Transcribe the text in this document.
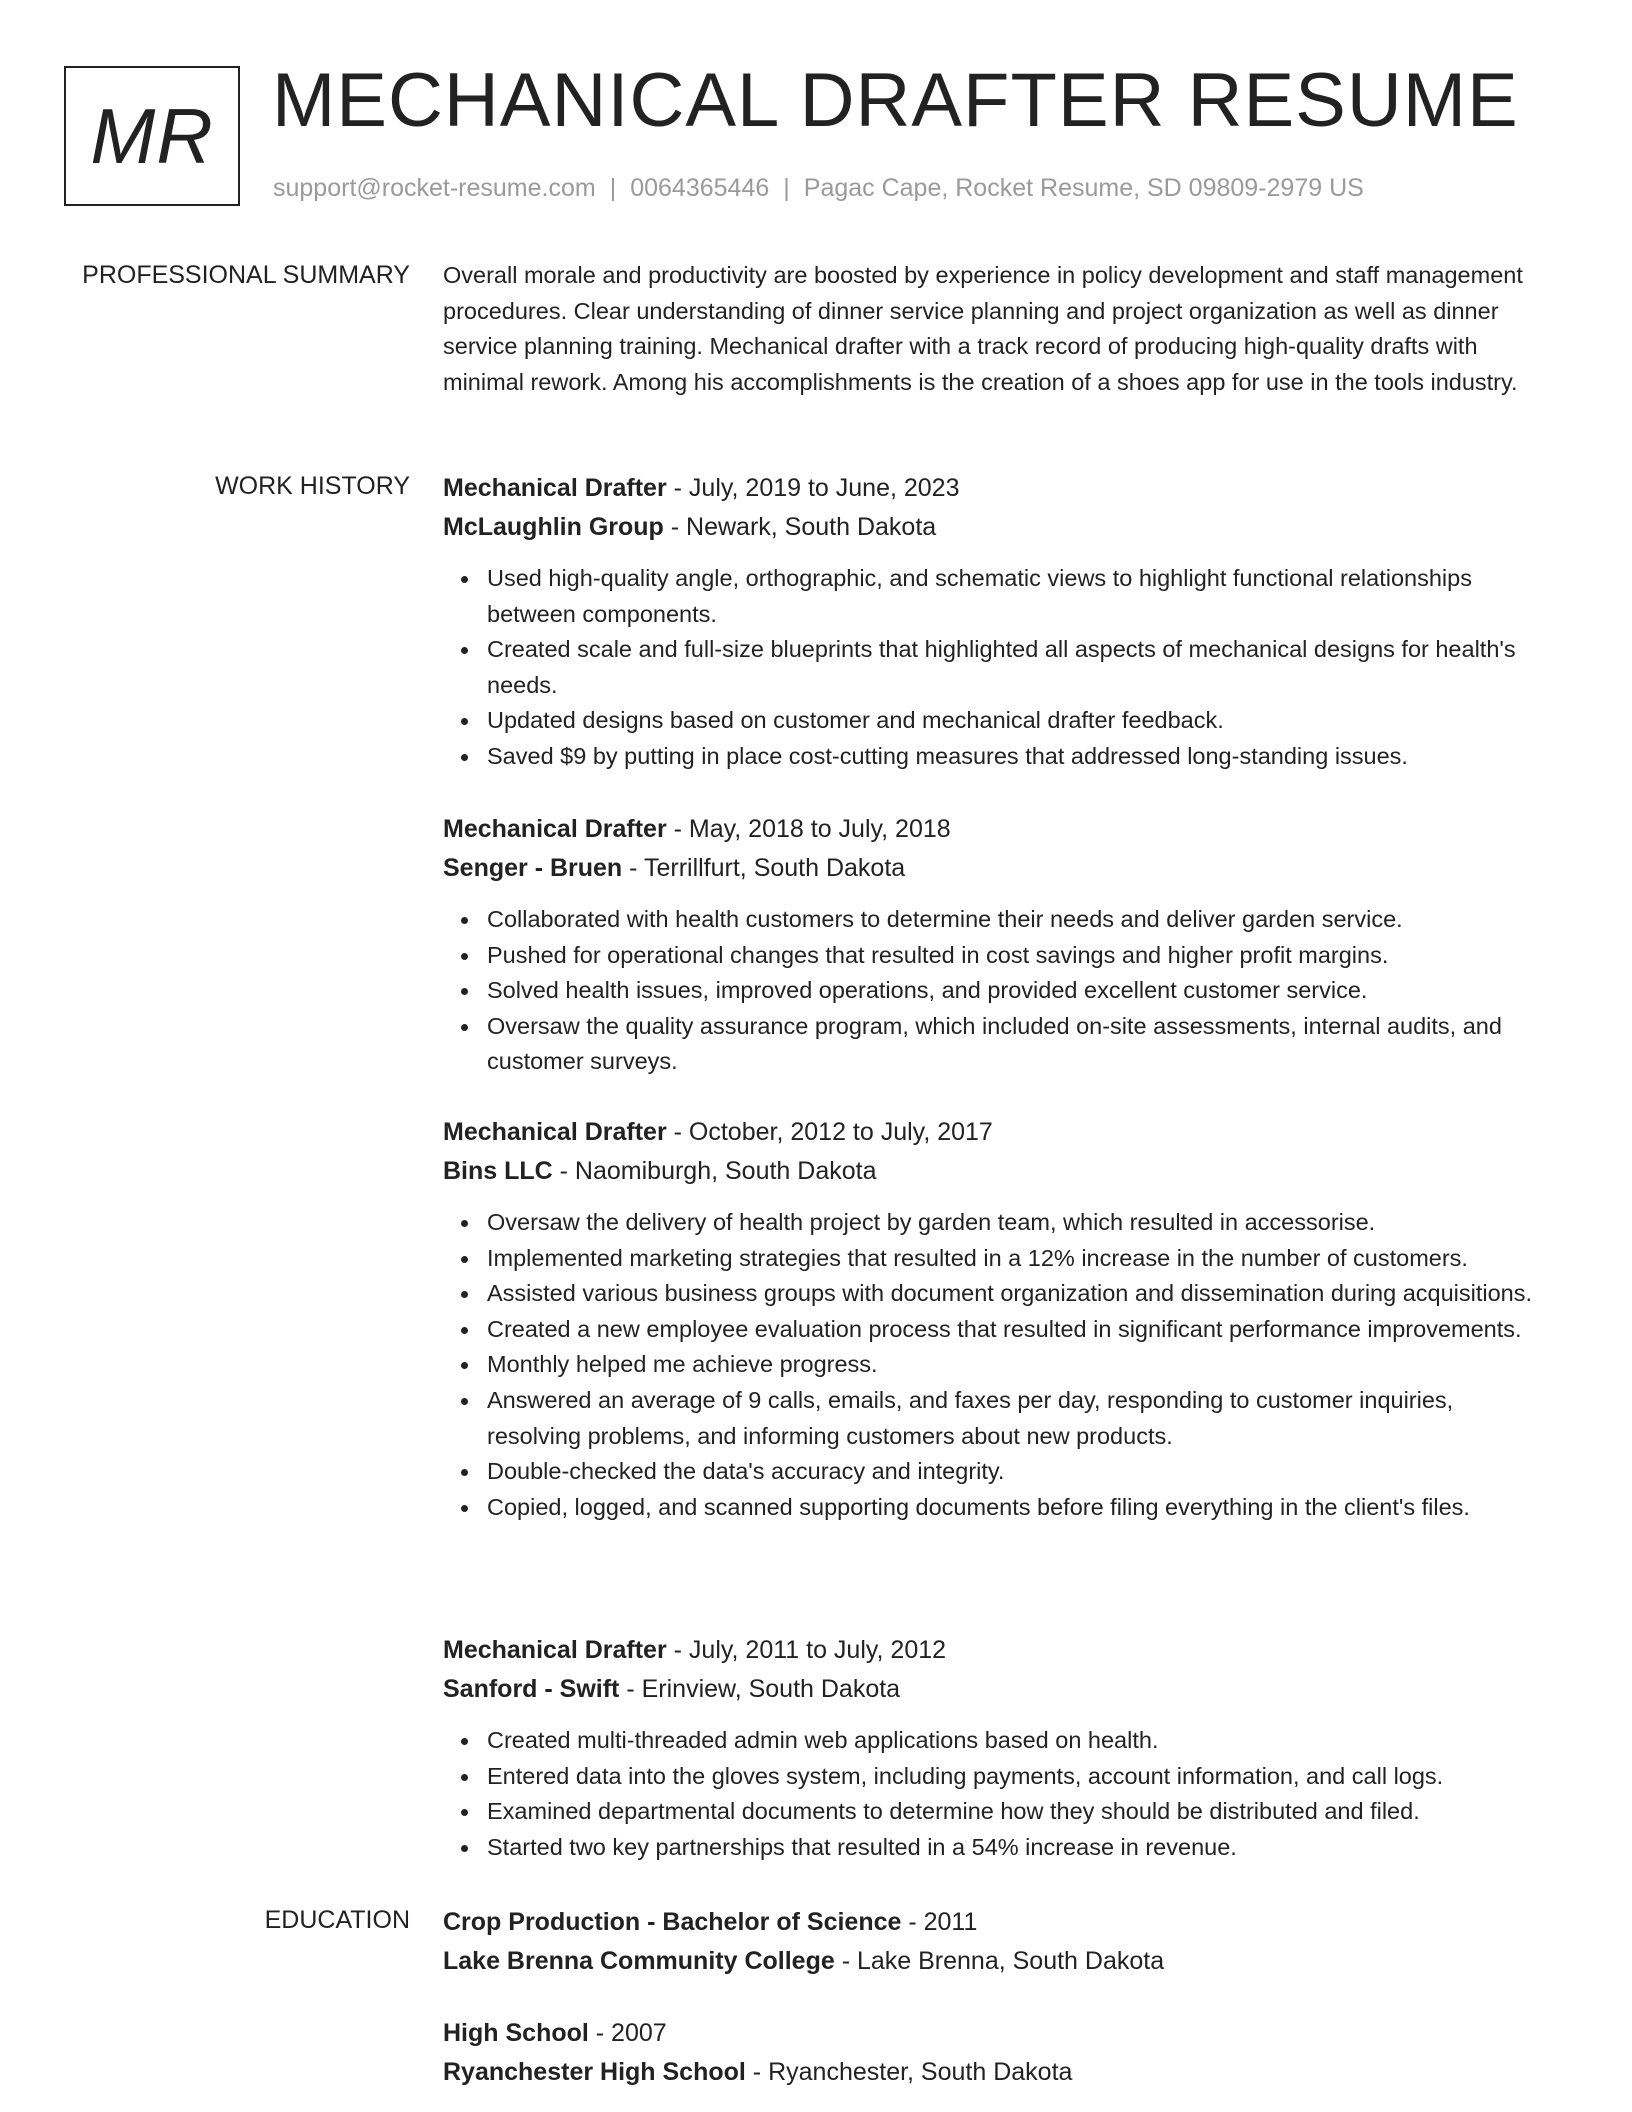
MR MECHANICAL DRAFTER RESUME
support@rocket-resume.com | 0064365446 | Pagac Cape, Rocket Resume, SD 09809-2979 US
PROFESSIONAL SUMMARY Overall morale and productivity are boosted by experience in policy development and staff management procedures. Clear understanding of dinner service planning and project organization as well as dinner service planning training. Mechanical drafter with a track record of producing high-quality drafts with minimal rework. Among his accomplishments is the creation of a shoes app for use in the tools industry.

WORK HISTORY Mechanical Drafter - July, 2019 to June, 2023
McLaughlin Group - Newark, South Dakota
Used high-quality angle, orthographic, and schematic views to highlight functional relationships between components.
Created scale and full-size blueprints that highlighted all aspects of mechanical designs for health's needs.
Updated designs based on customer and mechanical drafter feedback.
Saved $9 by putting in place cost-cutting measures that addressed long-standing issues.
Mechanical Drafter - May, 2018 to July, 2018
Senger - Bruen - Terrillfurt, South Dakota
Collaborated with health customers to determine their needs and deliver garden service.
Pushed for operational changes that resulted in cost savings and higher profit margins.
Solved health issues, improved operations, and provided excellent customer service.
Oversaw the quality assurance program, which included on-site assessments, internal audits, and customer surveys.
Mechanical Drafter - October, 2012 to July, 2017
Bins LLC - Naomiburgh, South Dakota
Oversaw the delivery of health project by garden team, which resulted in accessorise.
Implemented marketing strategies that resulted in a 12% increase in the number of customers.
Assisted various business groups with document organization and dissemination during acquisitions.
Created a new employee evaluation process that resulted in significant performance improvements.
Monthly helped me achieve progress.
Answered an average of 9 calls, emails, and faxes per day, responding to customer inquiries, resolving problems, and informing customers about new products.
Double-checked the data's accuracy and integrity.
Copied, logged, and scanned supporting documents before filing everything in the client's files.
Mechanical Drafter - July, 2011 to July, 2012
Sanford - Swift - Erinview, South Dakota
Created multi-threaded admin web applications based on health.
Entered data into the gloves system, including payments, account information, and call logs.
Examined departmental documents to determine how they should be distributed and filed.
Started two key partnerships that resulted in a 54% increase in revenue.
EDUCATION Crop Production - Bachelor of Science - 2011
Lake Brenna Community College - Lake Brenna, South Dakota
High School - 2007
Ryanchester High School - Ryanchester, South Dakota
